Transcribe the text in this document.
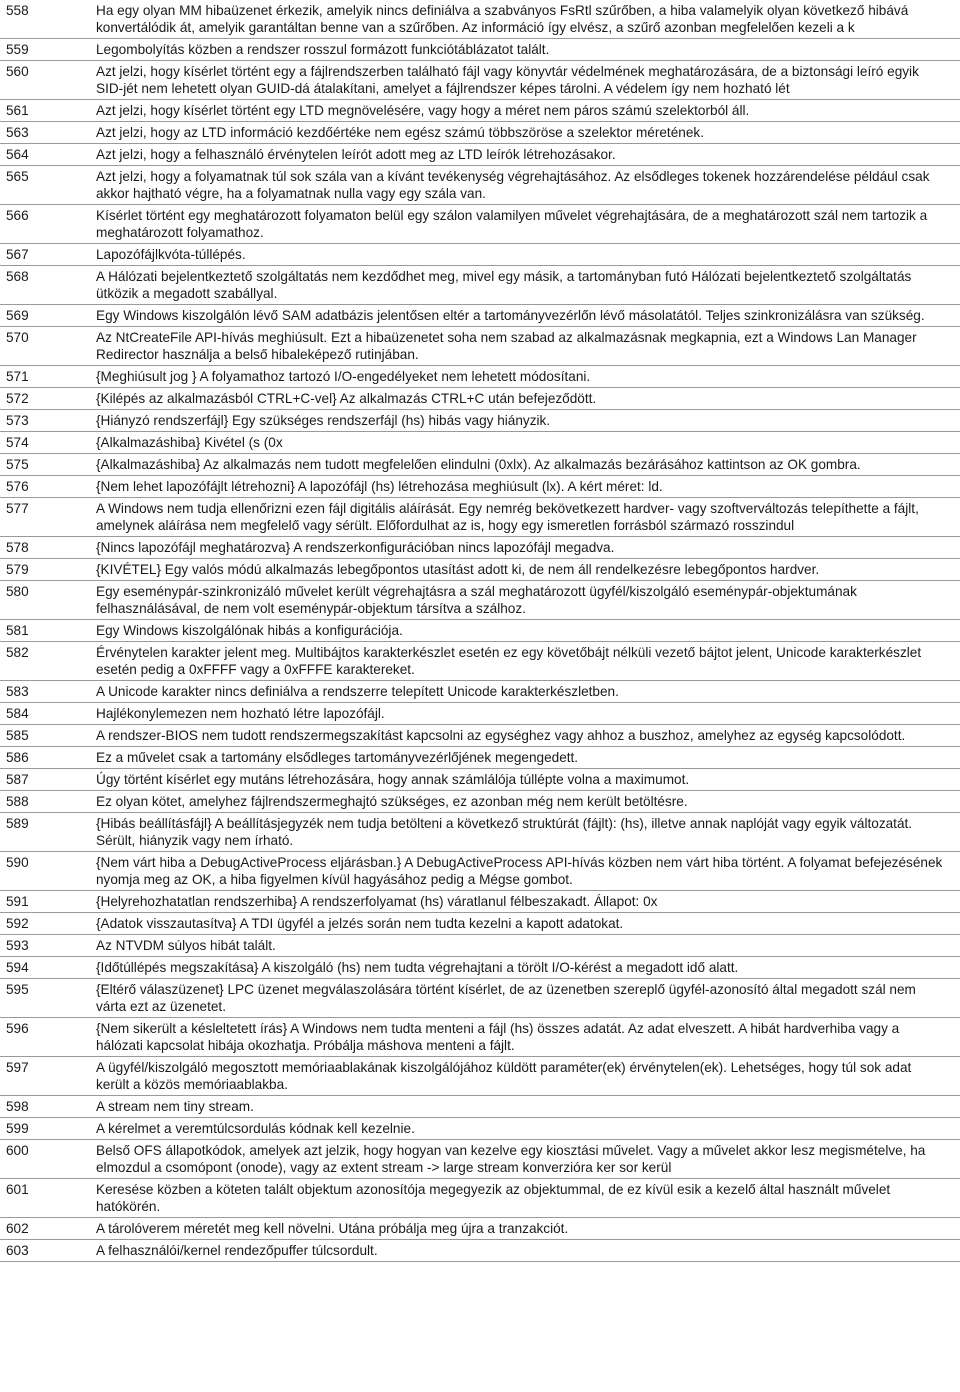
558	Ha egy olyan MM hibaüzenet érkezik, amelyik nincs definiálva a szabványos FsRtl szűrőben, a hiba valamelyik olyan következő hibává konvertálódik át, amelyik garantáltan benne van a szűrőben. Az információ így elvész, a szűrő azonban megfelelően kezeli a k
559	Legombolyítás közben a rendszer rosszul formázott funkciótáblázatot talált.
560	Azt jelzi, hogy kísérlet történt egy a fájlrendszerben található fájl vagy könyvtár védelmének meghatározására, de a biztonsági leíró egyik SID-jét nem lehetett olyan GUID-dá átalakítani, amelyet a fájlrendszer képes tárolni. A védelem így nem hozható lét
561	Azt jelzi, hogy kísérlet történt egy LTD megnövelésére, vagy hogy a méret nem páros számú szelektorból áll.
563	Azt jelzi, hogy az LTD információ kezdőértéke nem egész számú többszöröse a szelektor méretének.
564	Azt jelzi, hogy a felhasználó érvénytelen leírót adott meg az LTD leírók létrehozásakor.
565	Azt jelzi, hogy a folyamatnak túl sok szála van a kívánt tevékenység végrehajtásához. Az elsődleges tokenek hozzárendelése például csak akkor hajtható végre, ha a folyamatnak nulla vagy egy szála van.
566	Kísérlet történt egy meghatározott folyamaton belül egy szálon valamilyen művelet végrehajtására, de a meghatározott szál nem tartozik a meghatározott folyamathoz.
567	Lapozófájlkvóta-túllépés.
568	A Hálózati bejelentkeztető szolgáltatás nem kezdődhet meg, mivel egy másik, a tartományban futó Hálózati bejelentkeztető szolgáltatás ütközik a megadott szabállyal.
569	Egy Windows kiszolgálón lévő SAM adatbázis jelentősen eltér a tartományvezérlőn lévő másolatától. Teljes szinkronizálásra van szükség.
570	Az NtCreateFile API-hívás meghiúsult. Ezt a hibaüzenetet soha nem szabad az alkalmazásnak megkapnia, ezt a Windows Lan Manager Redirector használja a belső hibaleképező rutinjában.
571	{Meghiúsult jog } A folyamathoz tartozó I/O-engedélyeket nem lehetett módosítani.
572	{Kilépés az alkalmazásból CTRL+C-vel} Az alkalmazás CTRL+C után befejeződött.
573	{Hiányzó rendszerfájl} Egy szükséges rendszerfájl (hs) hibás vagy hiányzik.
574	{Alkalmazáshiba} Kivétel (s (0x
575	{Alkalmazáshiba} Az alkalmazás nem tudott megfelelően elindulni (0xlx). Az alkalmazás bezárásához kattintson az OK gombra.
576	{Nem lehet lapozófájlt létrehozni} A lapozófájl (hs) létrehozása meghiúsult (lx). A kért méret: ld.
577	A Windows nem tudja ellenőrizni ezen fájl digitális aláírását. Egy nemrég bekövetkezett hardver- vagy szoftverváltozás telepíthette a fájlt, amelynek aláírása nem megfelelő vagy sérült. Előfordulhat az is, hogy egy ismeretlen forrásból származó rosszindul
578	{Nincs lapozófájl meghatározva} A rendszerkonfigurációban nincs lapozófájl megadva.
579	{KIVÉTEL} Egy valós módú alkalmazás lebegőpontos utasítást adott ki, de nem áll rendelkezésre lebegőpontos hardver.
580	Egy eseménypár-szinkronizáló művelet került végrehajtásra a szál meghatározott ügyfél/kiszolgáló eseménypár-objektumának felhasználásával, de nem volt eseménypár-objektum társítva a szálhoz.
581	Egy Windows kiszolgálónak hibás a konfigurációja.
582	Érvénytelen karakter jelent meg. Multibájtos karakterkészlet esetén ez egy követőbájt nélküli vezető bájtot jelent, Unicode karakterkészlet esetén pedig a 0xFFFF vagy a 0xFFFE karaktereket.
583	A Unicode karakter nincs definiálva a rendszerre telepített Unicode karakterkészletben.
584	Hajlékonylemezen nem hozható létre lapozófájl.
585	A rendszer-BIOS nem tudott rendszermegszakítást kapcsolni az egységhez vagy ahhoz a buszhoz, amelyhez az egység kapcsolódott.
586	Ez a művelet csak a tartomány elsődleges tartományvezérlőjének megengedett.
587	Úgy történt kísérlet egy mutáns létrehozására, hogy annak számlálója túllépte volna a maximumot.
588	Ez olyan kötet, amelyhez fájlrendszermeghajtó szükséges, ez azonban még nem került betöltésre.
589	{Hibás beállításfájl} A beállításjegyzék nem tudja betölteni a következő struktúrát (fájlt): (hs), illetve annak naplóját vagy egyik változatát. Sérült, hiányzik vagy nem írható.
590	{Nem várt hiba a DebugActiveProcess eljárásban.} A DebugActiveProcess API-hívás közben nem várt hiba történt. A folyamat befejezésének nyomja meg az OK, a hiba figyelmen kívül hagyásához pedig a Mégse gombot.
591	{Helyrehozhatatlan rendszerhiba} A rendszerfolyamat (hs) váratlanul félbeszakadt. Állapot: 0x
592	{Adatok visszautasítva} A TDI ügyfél a jelzés során nem tudta kezelni a kapott adatokat.
593	Az NTVDM súlyos hibát talált.
594	{Időtúllépés megszakítása} A kiszolgáló (hs) nem tudta végrehajtani a törölt I/O-kérést a megadott idő alatt.
595	{Eltérő válaszüzenet} LPC üzenet megválaszolására történt kísérlet, de az üzenetben szereplő ügyfél-azonosító által megadott szál nem várta ezt az üzenetet.
596	{Nem sikerült a késleltetett írás} A Windows nem tudta menteni a fájl (hs) összes adatát. Az adat elveszett. A hibát hardverhiba vagy a hálózati kapcsolat hibája okozhatja. Próbálja máshova menteni a fájlt.
597	A ügyfél/kiszolgáló megosztott memóriaablakának kiszolgálójához küldött paraméter(ek) érvénytelen(ek). Lehetséges, hogy túl sok adat került a közös memóriaablakba.
598	A stream nem tiny stream.
599	A kérelmet a veremtúlcsordulás kódnak kell kezelnie.
600	Belső OFS állapotkódok, amelyek azt jelzik, hogy hogyan van kezelve egy kiosztási művelet. Vagy a művelet akkor lesz megismételve, ha elmozdul a csomópont (onode), vagy az extent stream -> large stream konverzióra ker sor kerül
601	Keresése közben a köteten talált objektum azonosítója megegyezik az objektummal, de ez kívül esik a kezelő által használt művelet hatókörén.
602	A tárolóverem méretét meg kell növelni. Utána próbálja meg újra a tranzakciót.
603	A felhasználói/kernel rendezőpuffer túlcsordult.
